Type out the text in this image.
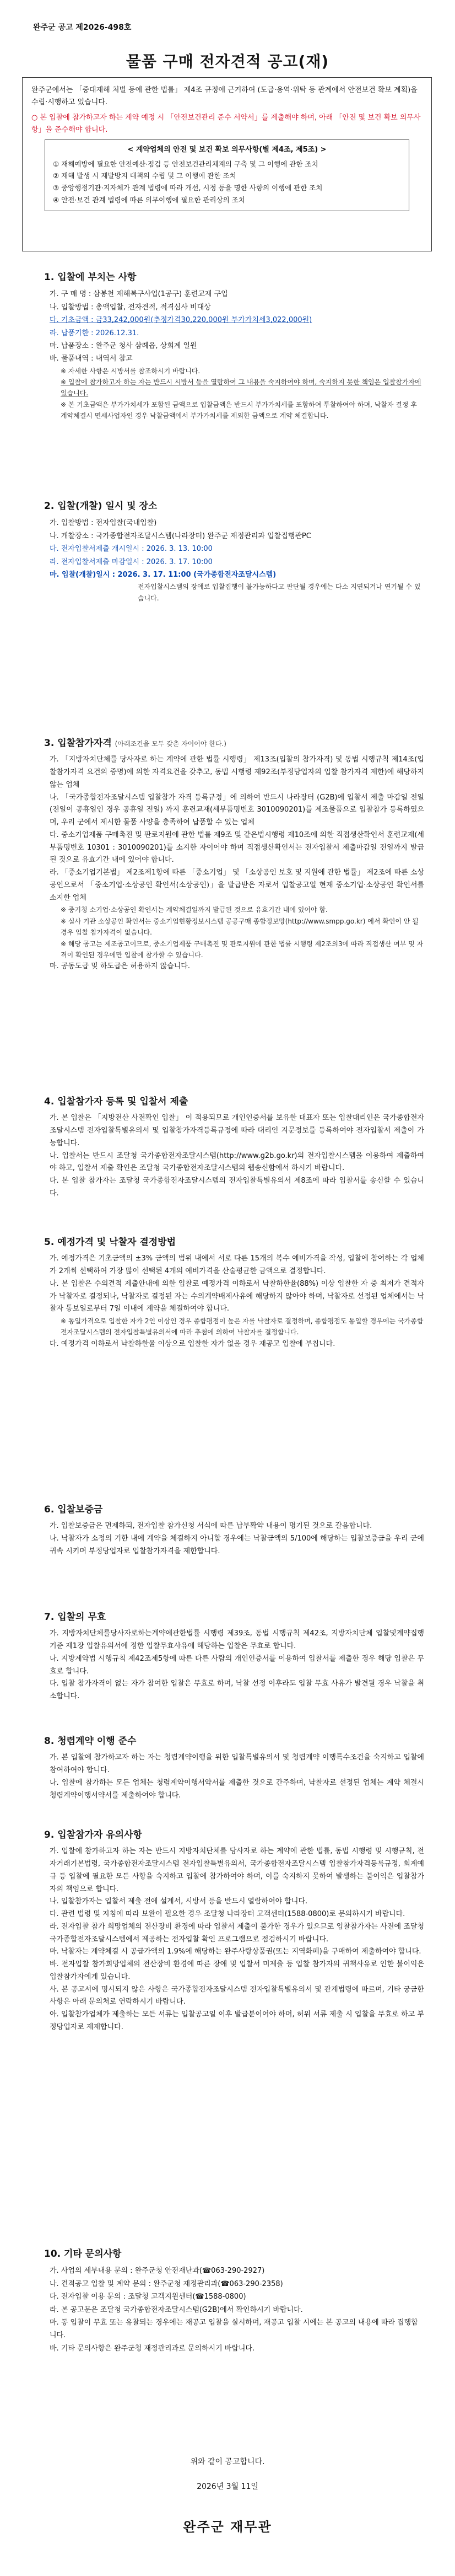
완주군 공고 제2026-498호
물품 구매 전자견적 공고(재)

완주군에서는 「중대재해 처벌 등에 관한 법률」 제4조 규정에 근거하여 (도급·용역·위탁 등 관계에서 안전보건 확보 계획)을 수립·시행하고 있습니다.

○ 본 입찰에 참가하고자 하는 계약 예정 시 「안전보건관리 준수 서약서」를 제출해야 하며, 아래 「안전 및 보건 확보 의무사항」을 준수해야 합니다.

< 계약업체의 안전 및 보건 확보 의무사항(별 제4조, 제5조) >
① 재해예방에 필요한 안전예산·점검 등 안전보건관리체계의 구축 및 그 이행에 관한 조치
② 재해 발생 시 재발방지 대책의 수립 및 그 이행에 관한 조치
③ 중앙행정기관·지자체가 관계 법령에 따라 개선, 시정 등을 명한 사항의 이행에 관한 조치
④ 안전·보건 관계 법령에 따른 의무이행에 필요한 관리상의 조치
1. 입찰에 부치는 사항
가. 구 매 명 : 삼봉천 재해복구사업(1공구) 훈련교재 구입
나. 입찰방법 : 총액입찰, 전자견적, 적격심사 비대상
다. 기초금액 : 금33,242,000원(추정가격30,220,000원 부가가치세3,022,000원)
라. 납품기한 : 2026.12.31.
마. 납품장소 : 완주군 청사 삼례읍, 상회계 일원
바. 물품내역 : 내역서 참고
※ 자세한 사항은 시방서를 참조하시기 바랍니다.
※ 입찰에 참가하고자 하는 자는 반드시 시방서 등을 열람하여 그 내용을 숙지하여야 하며, 숙지하지 못한 책임은 입찰참가자에 있습니다.
※ 본 기초금액은 부가가치세가 포함된 금액으로 입찰금액은 반드시 부가가치세를 포함하여 투찰하여야 하며, 낙찰자 결정 후 계약체결시 면세사업자인 경우 낙찰금액에서 부가가치세를 제외한 금액으로 계약 체결합니다.
2. 입찰(개찰) 일시 및 장소
가. 입찰방법 : 전자입찰(국내입찰)
나. 개찰장소 : 국가종합전자조달시스템(나라장터) 완주군 재정관리과 입찰집행관PC
다. 전자입찰서제출 개시일시 : 2026. 3. 13. 10:00
라. 전자입찰서제출 마감일시 : 2026. 3. 17. 10:00
마. 입찰(개찰)일시 : 2026. 3. 17. 11:00 (국가종합전자조달시스템)
전자입찰시스템의 장애로 입찰집행이 불가능하다고 판단될 경우에는 다소 지연되거나 연기될 수 있습니다.
3. 입찰참가자격 (아래조건을 모두 갖춘 자이어야 한다.)
가. 「지방자치단체를 당사자로 하는 계약에 관한 법률 시행령」 제13조(입찰의 참가자격) 및 동법 시행규칙 제14조(입찰참가자격 요건의 증명)에 의한 자격요건을 갖추고, 동법 시행령 제92조(부정당업자의 입찰 참가자격 제한)에 해당하지 않는 업체
나. 「국가종합전자조달시스템 입찰참가 자격 등록규정」에 의하여 반드시 나라장터 (G2B)에 입찰서 제출 마감일 전일(전일이 공휴일인 경우 공휴일 전일) 까지 훈련교재(세부품명번호 3010090201)를 제조물품으로 입찰참가 등록하였으며, 우리 군에서 제시한 물품 사양을 충족하여 납품할 수 있는 업체
다. 중소기업제품 구매촉진 및 판로지원에 관한 법률 제9조 및 같은법시행령 제10조에 의한 직접생산확인서 훈련교재(세부품명번호 10301 : 3010090201)를 소지한 자이어야 하며 직접생산확인서는 전자입찰서 제출마감일 전일까지 발급된 것으로 유효기간 내에 있어야 합니다.
라. 「중소기업기본법」 제2조제1항에 따른 「중소기업」 및 「소상공인 보호 및 지원에 관한 법률」 제2조에 따른 소상공인으로서 「중소기업·소상공인 확인서(소상공인)」을 발급받은 자로서 입찰공고일 현재 중소기업·소상공인 확인서를 소지한 업체
※ 중기청 소기업·소상공인 확인서는 계약체결일까지 발급된 것으로 유효기간 내에 있어야 함.
※ 실사 기관 소상공인 확인서는 중소기업현황정보시스템 공공구매 종합정보망(http://www.smpp.go.kr) 에서 확인이 안 될 경우 입찰 참가자격이 없습니다.
※ 해당 공고는 제조공고이므로, 중소기업제품 구매촉진 및 판로지원에 관한 법률 시행령 제2조의3에 따라 직접생산 여부 및 자격이 확인된 경우에만 입찰에 참가할 수 있습니다.
마. 공동도급 및 하도급은 허용하지 않습니다.
4. 입찰참가자 등록 및 입찰서 제출
가. 본 입찰은 「지방전산 사전확인 입찰」 이 적용되므로 개인인증서를 보유한 대표자 또는 입찰대리인은 국가종합전자조달시스템 전자입찰특별유의서 및 입찰참가자격등록규정에 따라 대리인 지문정보를 등록하여야 전자입찰서 제출이 가능합니다.
나. 입찰서는 반드시 조달청 국가종합전자조달시스템(http://www.g2b.go.kr)의 전자입찰시스템을 이용하여 제출하여야 하고, 입찰서 제출 확인은 조달청 국가종합전자조달시스템의 웹송신함에서 하시기 바랍니다.
다. 본 입찰 참가자는 조달청 국가종합전자조달시스템의 전자입찰특별유의서 제8조에 따라 입찰서를 송신할 수 있습니다.
5. 예정가격 및 낙찰자 결정방법
가. 예정가격은 기초금액의 ±3% 금액의 범위 내에서 서로 다른 15개의 복수 예비가격을 작성, 입찰에 참여하는 각 업체가 2개씩 선택하여 가장 많이 선택된 4개의 예비가격을 산술평균한 금액으로 결정합니다.
나. 본 입찰은 수의견적 제출안내에 의한 입찰로 예정가격 이하로서 낙찰하한율(88%) 이상 입찰한 자 중 최저가 견적자가 낙찰자로 결정되나, 낙찰자로 결정된 자는 수의계약배제사유에 해당하지 않아야 하며, 낙찰자로 선정된 업체에서는 낙찰자 통보일로부터 7일 이내에 계약을 체결하여야 합니다.
※ 동일가격으로 입찰한 자가 2인 이상인 경우 종합평점이 높은 자를 낙찰자로 결정하며, 종합평점도 동일할 경우에는 국가종합전자조달시스템의 전자입찰특별유의서에 따라 추첨에 의하여 낙찰자를 결정합니다.
다. 예정가격 이하로서 낙찰하한율 이상으로 입찰한 자가 없을 경우 재공고 입찰에 부칩니다.
6. 입찰보증금
가. 입찰보증금은 면제하되, 전자입찰 참가신청 서식에 따른 납부확약 내용이 명기된 것으로 갈음합니다.
나. 낙찰자가 소정의 기한 내에 계약을 체결하지 아니할 경우에는 낙찰금액의 5/100에 해당하는 입찰보증금을 우리 군에 귀속 시키며 부정당업자로 입찰참가자격을 제한합니다.
7. 입찰의 무효
가. 지방자치단체를당사자로하는계약에관한법률 시행령 제39조, 동법 시행규칙 제42조, 지방자치단체 입찰및계약집행기준 제1장 입찰유의서에 정한 입찰무효사유에 해당하는 입찰은 무효로 합니다.
나. 지방계약법 시행규칙 제42조제5항에 따른 다른 사람의 개인인증서를 이용하여 입찰서를 제출한 경우 해당 입찰은 무효로 합니다.
다. 입찰 참가자격이 없는 자가 참여한 입찰은 무효로 하며, 낙찰 선정 이후라도 입찰 무효 사유가 발견될 경우 낙찰을 취소합니다.
8. 청렴계약 이행 준수
가. 본 입찰에 참가하고자 하는 자는 청렴계약이행을 위한 입찰특별유의서 및 청렴계약 이행특수조건을 숙지하고 입찰에 참여하여야 합니다.
나. 입찰에 참가하는 모든 업체는 청렴계약이행서약서를 제출한 것으로 간주하며, 낙찰자로 선정된 업체는 계약 체결시 청렴계약이행서약서를 제출하여야 합니다.
9. 입찰참가자 유의사항
가. 입찰에 참가하고자 하는 자는 반드시 지방자치단체를 당사자로 하는 계약에 관한 법률, 동법 시행령 및 시행규칙, 전자거래기본법령, 국가종합전자조달시스템 전자입찰특별유의서, 국가종합전자조달시스템 입찰참가자격등록규정, 회계예규 등 입찰에 필요한 모든 사항을 숙지하고 입찰에 참가하여야 하며, 이를 숙지하지 못하여 발생하는 불이익은 입찰참가자의 책임으로 합니다.
나. 입찰참가자는 입찰서 제출 전에 설계서, 시방서 등을 반드시 열람하여야 합니다.
다. 관련 법령 및 지침에 따라 보완이 필요한 경우 조달청 나라장터 고객센터(1588-0800)로 문의하시기 바랍니다.
라. 전자입찰 참가 희망업체의 전산장비 환경에 따라 입찰서 제출이 불가한 경우가 있으므로 입찰참가자는 사전에 조달청 국가종합전자조달시스템에서 제공하는 전자입찰 확인 프로그램으로 점검하시기 바랍니다.
마. 낙찰자는 계약체결 시 공급가액의 1.9%에 해당하는 완주사랑상품권(또는 지역화폐)을 구매하여 제출하여야 합니다.
바. 전자입찰 참가희망업체의 전산장비 환경에 따른 장애 및 입찰서 미제출 등 입찰 참가자의 귀책사유로 인한 불이익은 입찰참가자에게 있습니다.
사. 본 공고서에 명시되지 않은 사항은 국가종합전자조달시스템 전자입찰특별유의서 및 관계법령에 따르며, 기타 궁금한 사항은 아래 문의처로 연락하시기 바랍니다.
아. 입찰참가업체가 제출하는 모든 서류는 입찰공고일 이후 발급분이어야 하며, 허위 서류 제출 시 입찰을 무효로 하고 부정당업자로 제재합니다.
10. 기타 문의사항
가. 사업의 세부내용 문의 : 완주군청 안전재난과(☎063-290-2927)
나. 견적공고 입찰 및 계약 문의 : 완주군청 재정관리과(☎063-290-2358)
다. 전자입찰 이용 문의 : 조달청 고객지원센터(☎1588-0800)
라. 본 공고문은 조달청 국가종합전자조달시스템(G2B)에서 확인하시기 바랍니다.
마. 동 입찰이 무효 또는 유찰되는 경우에는 재공고 입찰을 실시하며, 재공고 입찰 시에는 본 공고의 내용에 따라 집행합니다.
바. 기타 문의사항은 완주군청 재정관리과로 문의하시기 바랍니다.
위와 같이 공고합니다.
2026년 3월 11일
완주군 재무관
